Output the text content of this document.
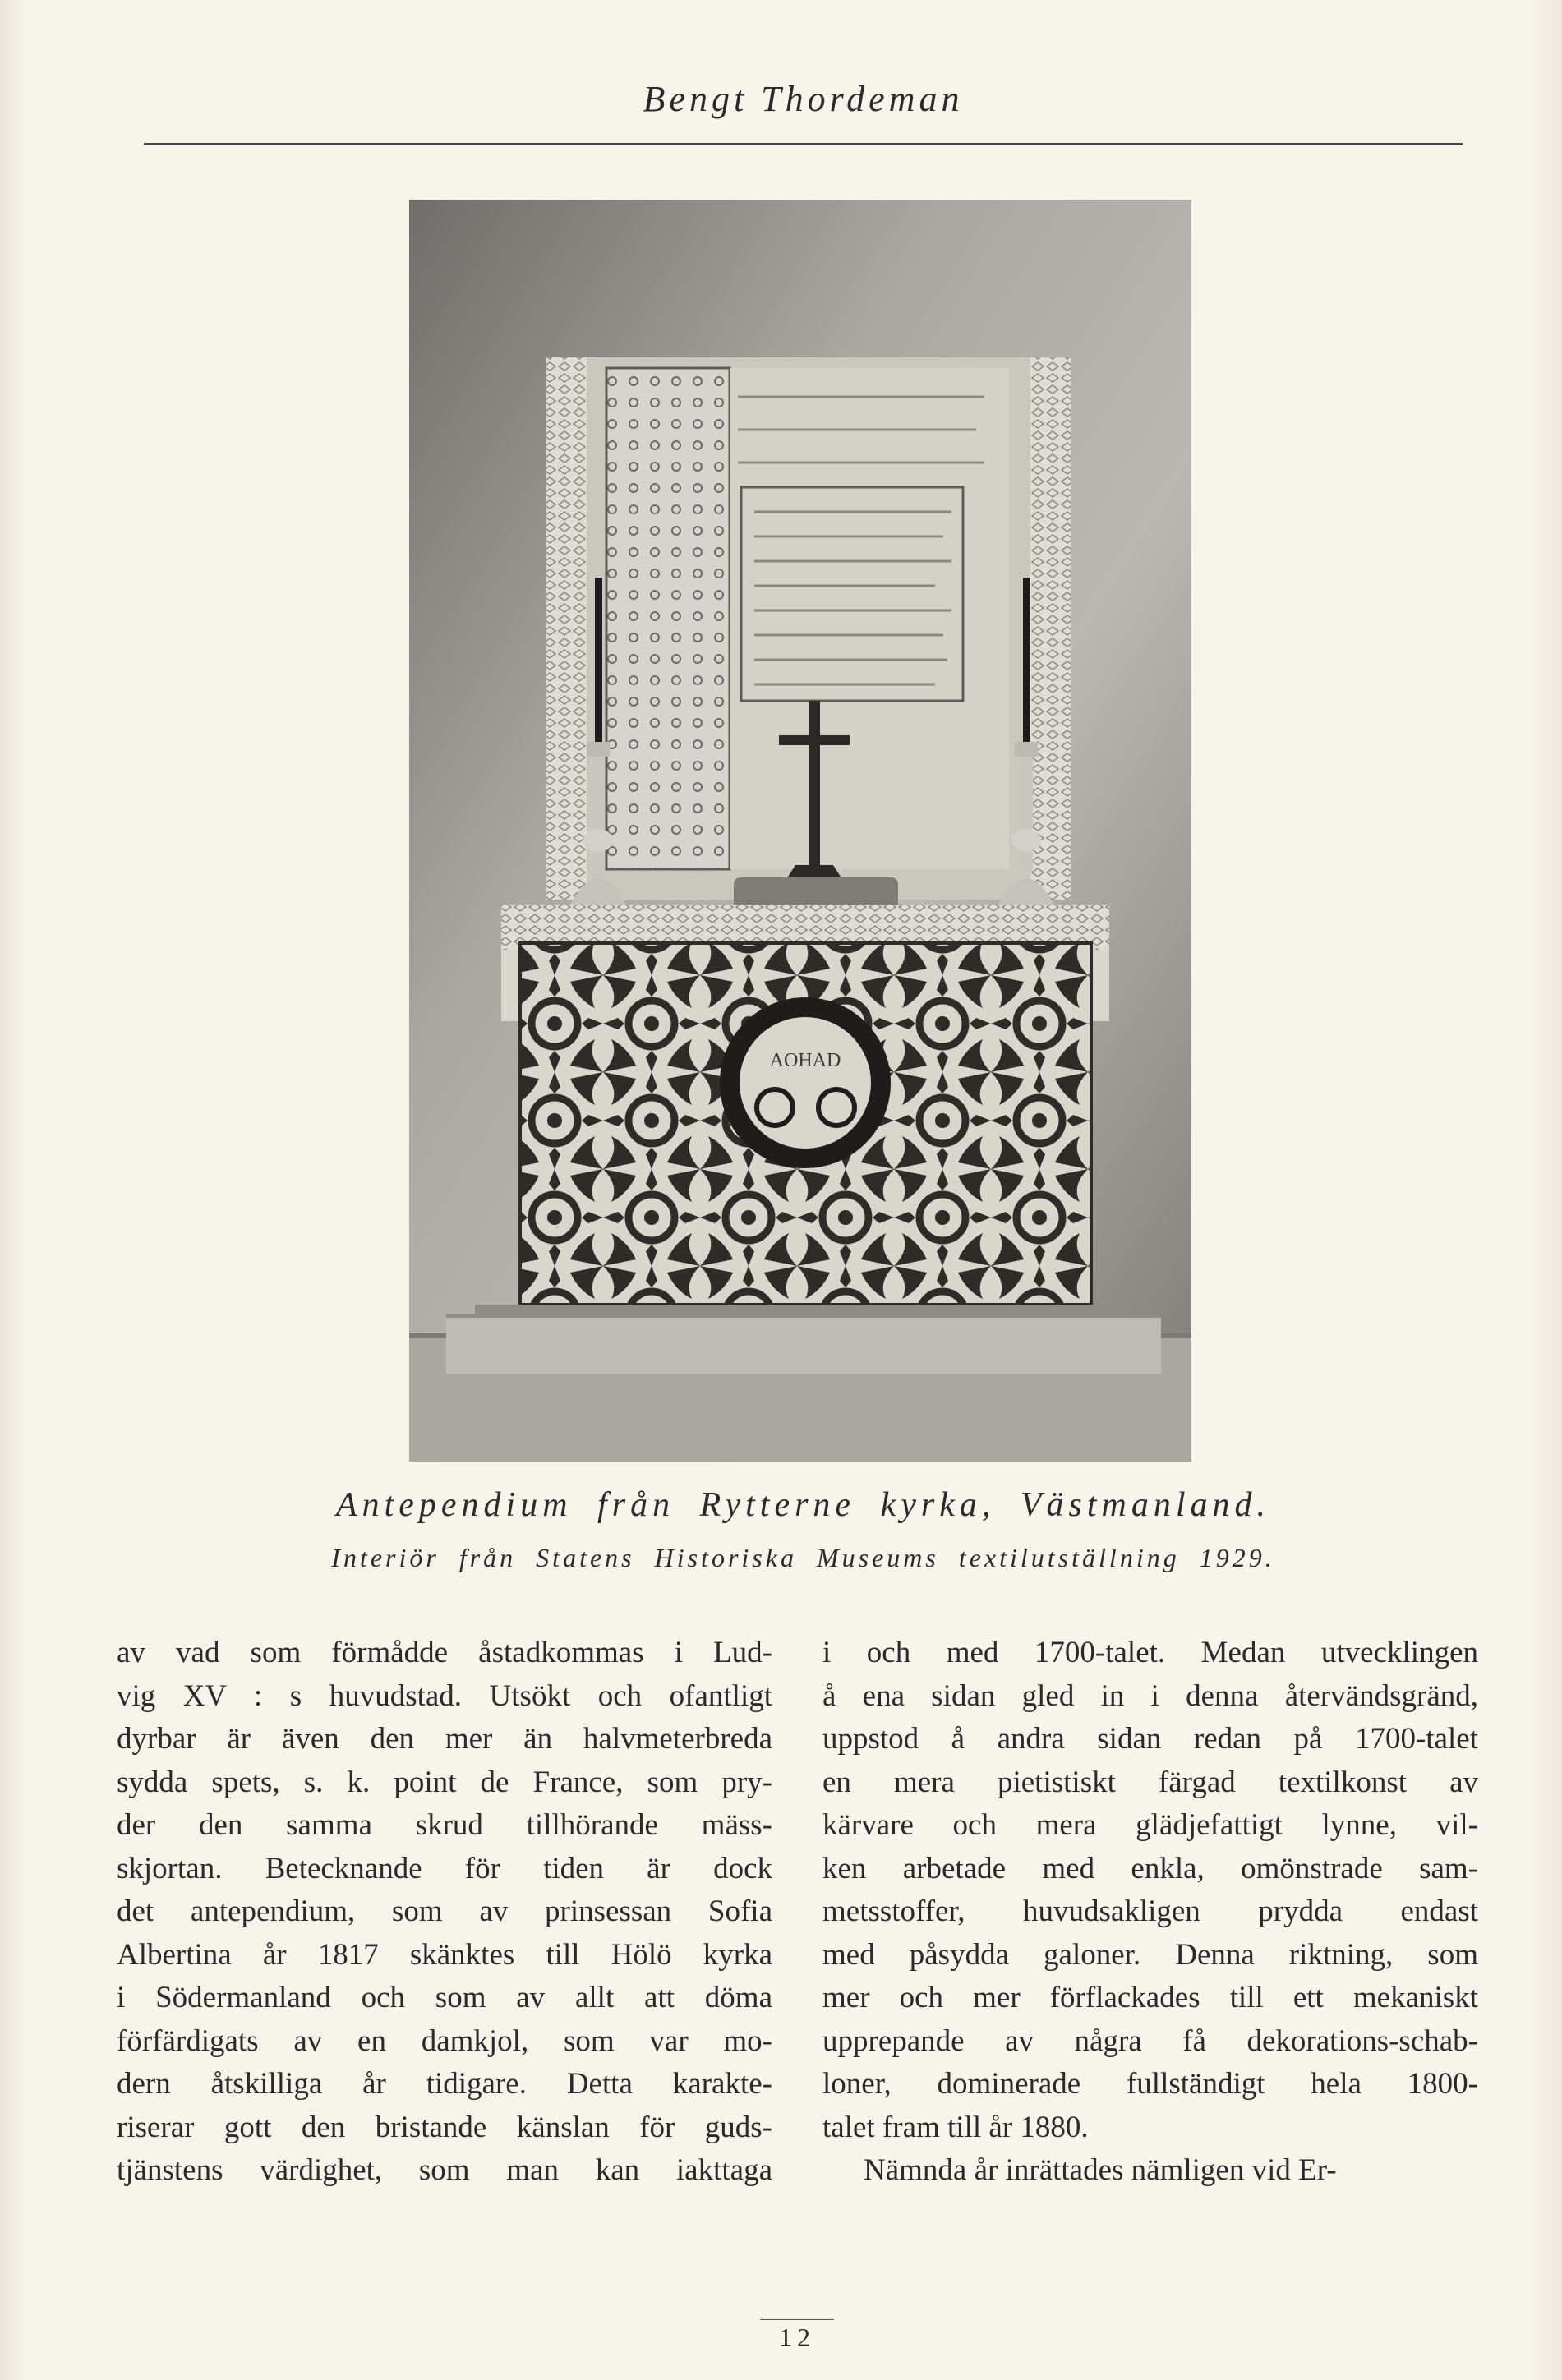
Bengt Thordeman
AOHAD
Antependium från Rytterne kyrka, Västmanland.
Interiör från Statens Historiska Museums textilutställning 1929.
av vad som förmådde åstadkommas i Lud-
vig XV : s huvudstad. Utsökt och ofantligt
dyrbar är även den mer än halvmeterbreda
sydda spets, s. k. point de France, som pry-
der den samma skrud tillhörande mäss-
skjortan. Betecknande för tiden är dock
det antependium, som av prinsessan Sofia
Albertina år 1817 skänktes till Hölö kyrka
i Södermanland och som av allt att döma
förfärdigats av en damkjol, som var mo-
dern åtskilliga år tidigare. Detta karakte-
riserar gott den bristande känslan för guds-
tjänstens värdighet, som man kan iakttaga
i och med 1700-talet. Medan utvecklingen
å ena sidan gled in i denna återvändsgränd,
uppstod å andra sidan redan på 1700-talet
en mera pietistiskt färgad textilkonst av
kärvare och mera glädjefattigt lynne, vil-
ken arbetade med enkla, omönstrade sam-
metsstoffer, huvudsakligen prydda endast
med påsydda galoner. Denna riktning, som
mer och mer förflackades till ett mekaniskt
upprepande av några få dekorations-schab-
loner, dominerade fullständigt hela 1800-
talet fram till år 1880.
Nämnda år inrättades nämligen vid Er-
12
